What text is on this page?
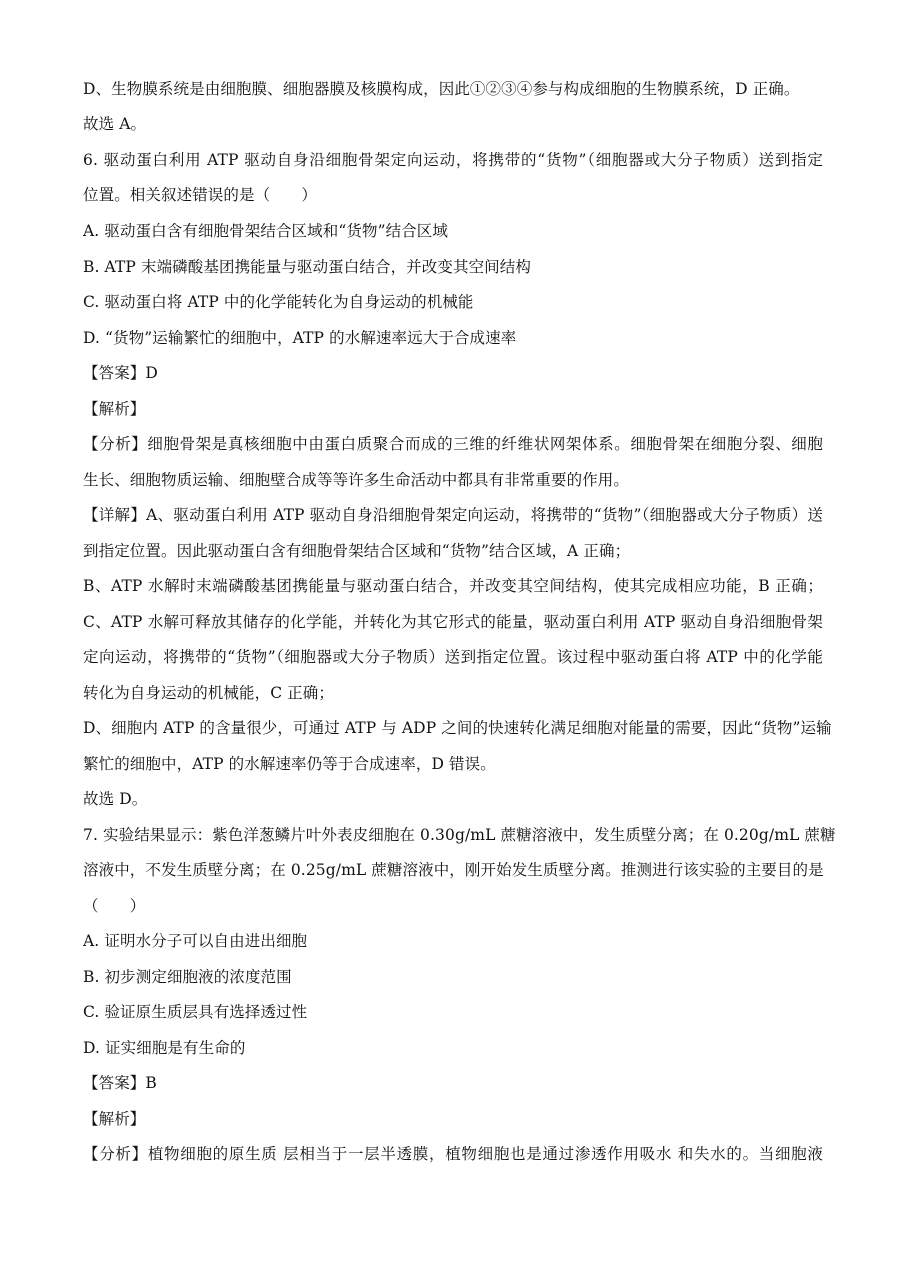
D、生物膜系统是由细胞膜、细胞器膜及核膜构成，因此①②③④参与构成细胞的生物膜系统，D 正确。
故选 A。
6. 驱动蛋白利用 ATP 驱动自身沿细胞骨架定向运动，将携带的“货物”（细胞器或大分子物质）送到指定
位置。相关叙述错误的是（　　）
A. 驱动蛋白含有细胞骨架结合区域和“货物”结合区域
B. ATP 末端磷酸基团携能量与驱动蛋白结合，并改变其空间结构
C. 驱动蛋白将 ATP 中的化学能转化为自身运动的机械能
D. “货物”运输繁忙的细胞中，ATP 的水解速率远大于合成速率
【答案】D
【解析】
【分析】细胞骨架是真核细胞中由蛋白质聚合而成的三维的纤维状网架体系。细胞骨架在细胞分裂、细胞
生长、细胞物质运输、细胞壁合成等等许多生命活动中都具有非常重要的作用。
【详解】A、驱动蛋白利用 ATP 驱动自身沿细胞骨架定向运动，将携带的“货物”（细胞器或大分子物质）送
到指定位置。因此驱动蛋白含有细胞骨架结合区域和“货物”结合区域，A 正确；
B、ATP 水解时末端磷酸基团携能量与驱动蛋白结合，并改变其空间结构，使其完成相应功能，B 正确；
C、ATP 水解可释放其储存的化学能，并转化为其它形式的能量，驱动蛋白利用 ATP 驱动自身沿细胞骨架
定向运动，将携带的“货物”（细胞器或大分子物质）送到指定位置。该过程中驱动蛋白将 ATP 中的化学能
转化为自身运动的机械能，C 正确；
D、细胞内 ATP 的含量很少，可通过 ATP 与 ADP 之间的快速转化满足细胞对能量的需要，因此“货物”运输
繁忙的细胞中，ATP 的水解速率仍等于合成速率，D 错误。
故选 D。
7. 实验结果显示：紫色洋葱鳞片叶外表皮细胞在 0.30g/mL 蔗糖溶液中，发生质壁分离；在 0.20g/mL 蔗糖
溶液中，不发生质壁分离；在 0.25g/mL 蔗糖溶液中，刚开始发生质壁分离。推测进行该实验的主要目的是
（　　）
A. 证明水分子可以自由进出细胞
B. 初步测定细胞液的浓度范围
C. 验证原生质层具有选择透过性
D. 证实细胞是有生命的
【答案】B
【解析】
【分析】植物细胞的原生质 层相当于一层半透膜，植物细胞也是通过渗透作用吸水 和失水的。当细胞液
